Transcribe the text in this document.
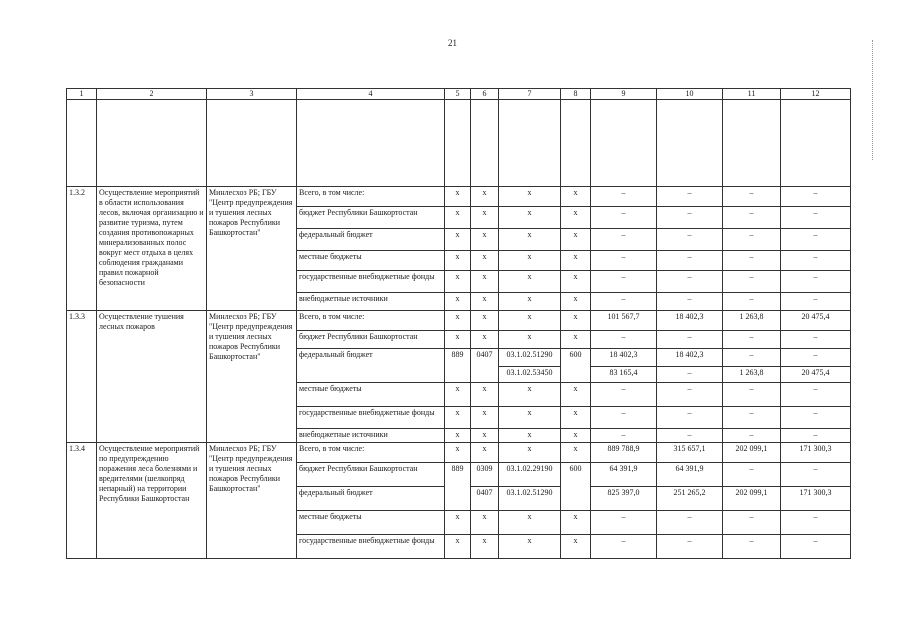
21
1	2	3	4	5	6	7	8	9	10	11	12

1.3.2	Осуществление мероприятий в области использования лесов, включая организацию и развитие туризма, путем создания противопожарных минерализованных полос вокруг мест отдыха в целях соблюдения гражданами правил пожарной безопасности	Минлесхоз РБ; ГБУ "Центр предупреждения и тушения лесных пожаров Республики Башкортостан"	Всего, в том числе:	x	x	x	x	–	–	–	–
			бюджет Республики Башкортостан	x	x	x	x	–	–	–	–
			федеральный бюджет	x	x	x	x	–	–	–	–
			местные бюджеты	x	x	x	x	–	–	–	–
			государственные внебюджетные фонды	x	x	x	x	–	–	–	–
			внебюджетные источники	x	x	x	x	–	–	–	–
1.3.3	Осуществление тушения лесных пожаров	Минлесхоз РБ; ГБУ "Центр предупреждения и тушения лесных пожаров Республики Башкортостан"	Всего, в том числе:	x	x	x	x	101 567,7	18 402,3	1 263,8	20 475,4
			бюджет Республики Башкортостан	x	x	x	x	–	–	–	–
			федеральный бюджет	889	0407	03.1.02.51290	600	18 402,3	18 402,3	–	–
						03.1.02.53450		83 165,4	–	1 263,8	20 475,4
			местные бюджеты	x	x	x	x	–	–	–	–
			государственные внебюджетные фонды	x	x	x	x	–	–	–	–
			внебюджетные источники	x	x	x	x	–	–	–	–
1.3.4	Осуществление мероприятий по предупреждению поражения леса болезнями и вредителями (шелкопряд непарный) на территории Республики Башкортостан	Минлесхоз РБ; ГБУ "Центр предупреждения и тушения лесных пожаров Республики Башкортостан"	Всего, в том числе:	x	x	x	x	889 788,9	315 657,1	202 099,1	171 300,3
			бюджет Республики Башкортостан	889	0309	03.1.02.29190	600	64 391,9	64 391,9	–	–
			федеральный бюджет		0407	03.1.02.51290		825 397,0	251 265,2	202 099,1	171 300,3
			местные бюджеты	x	x	x	x	–	–	–	–
			государственные внебюджетные фонды	x	x	x	x	–	–	–	–
